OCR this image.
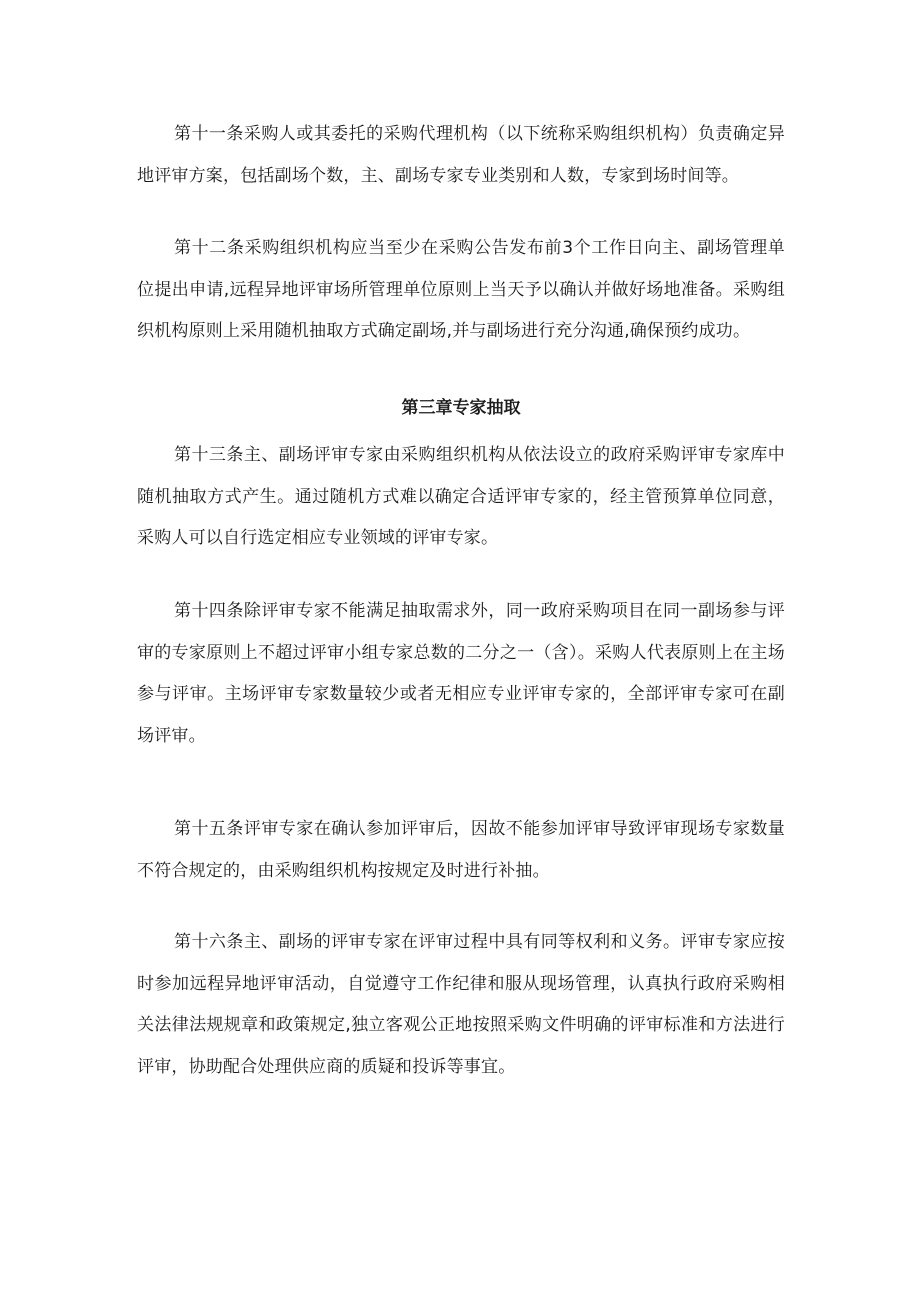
第十一条采购人或其委托的采购代理机构（以下统称采购组织机构）负责确定异地评审方案，包括副场个数，主、副场专家专业类别和人数，专家到场时间等。

第十二条采购组织机构应当至少在采购公告发布前3个工作日向主、副场管理单位提出申请,远程异地评审场所管理单位原则上当天予以确认并做好场地准备。采购组织机构原则上采用随机抽取方式确定副场,并与副场进行充分沟通,确保预约成功。

第三章专家抽取

第十三条主、副场评审专家由采购组织机构从依法设立的政府采购评审专家库中随机抽取方式产生。通过随机方式难以确定合适评审专家的，经主管预算单位同意，采购人可以自行选定相应专业领域的评审专家。

第十四条除评审专家不能满足抽取需求外，同一政府采购项目在同一副场参与评审的专家原则上不超过评审小组专家总数的二分之一（含）。采购人代表原则上在主场参与评审。主场评审专家数量较少或者无相应专业评审专家的，全部评审专家可在副场评审。

第十五条评审专家在确认参加评审后，因故不能参加评审导致评审现场专家数量不符合规定的，由采购组织机构按规定及时进行补抽。

第十六条主、副场的评审专家在评审过程中具有同等权利和义务。评审专家应按时参加远程异地评审活动，自觉遵守工作纪律和服从现场管理，认真执行政府采购相关法律法规规章和政策规定,独立客观公正地按照采购文件明确的评审标准和方法进行评审，协助配合处理供应商的质疑和投诉等事宜。
